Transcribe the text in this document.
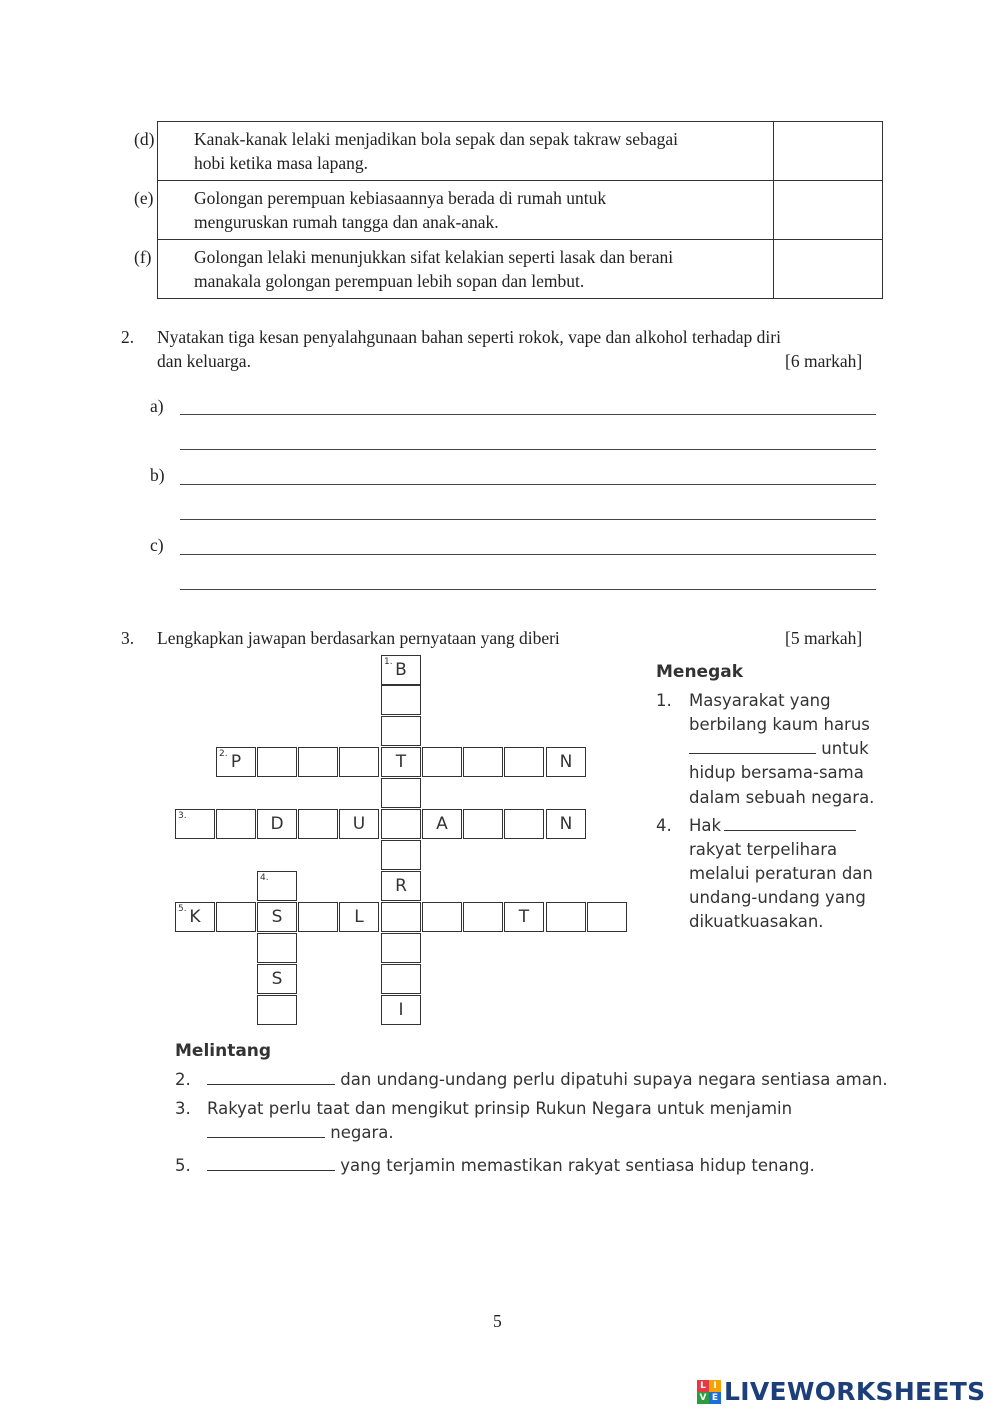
(d) Kanak-kanak lelaki menjadikan bola sepak dan sepak takraw sebagai
hobi ketika masa lapang.	

(e) Golongan perempuan kebiasaannya berada di rumah untuk
menguruskan rumah tangga dan anak-anak.	

(f) Golongan lelaki menunjukkan sifat kelakian seperti lasak dan berani
manakala golongan perempuan lebih sopan dan lembut.	

2. Nyatakan tiga kesan penyalahgunaan bahan seperti rokok, vape dan alkohol terhadap diri
dan keluarga.	[6 markah]
a)
b)
c)
3. Lengkapkan jawapan berdasarkan pernyataan yang diberi	[5 markah]
1. B
R
I
2. P	T	N
3.	D	U	A	N
4.
S
5. K	S	L	T
Menegak
1. Masyarakat yang
berbilang kaum harus
untuk
hidup bersama-sama
dalam sebuah negara.
4. Hak
rakyat terpelihara
melalui peraturan dan
undang-undang yang
dikuatkuasakan.
Melintang
2.	dan undang-undang perlu dipatuhi supaya negara sentiasa aman.
3. Rakyat perlu taat dan mengikut prinsip Rukun Negara untuk menjamin
negara.
5.	yang terjamin memastikan rakyat sentiasa hidup tenang.
5
L I
V E LIVEWORKSHEETS
